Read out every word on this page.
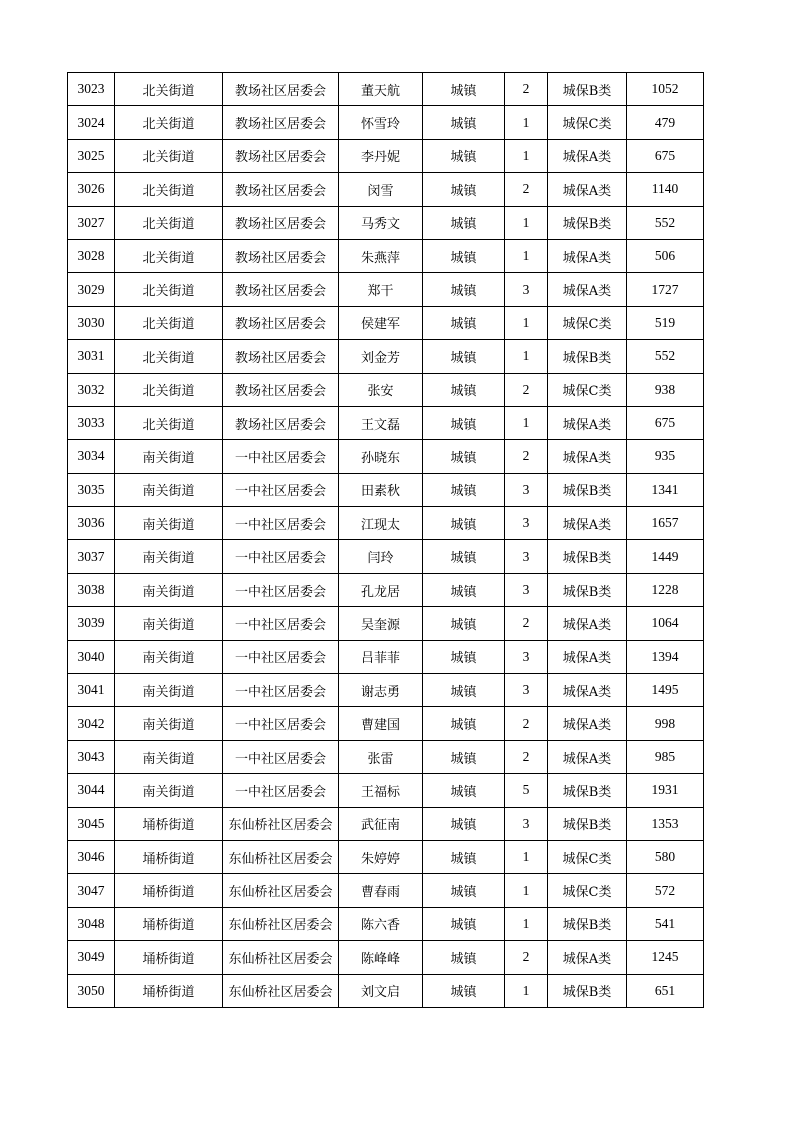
3023	北关街道	教场社区居委会	董天航	城镇	2	城保B类	1052
3024	北关街道	教场社区居委会	怀雪玲	城镇	1	城保C类	479
3025	北关街道	教场社区居委会	李丹妮	城镇	1	城保A类	675
3026	北关街道	教场社区居委会	闵雪	城镇	2	城保A类	1140
3027	北关街道	教场社区居委会	马秀文	城镇	1	城保B类	552
3028	北关街道	教场社区居委会	朱燕萍	城镇	1	城保A类	506
3029	北关街道	教场社区居委会	郑干	城镇	3	城保A类	1727
3030	北关街道	教场社区居委会	侯建军	城镇	1	城保C类	519
3031	北关街道	教场社区居委会	刘金芳	城镇	1	城保B类	552
3032	北关街道	教场社区居委会	张安	城镇	2	城保C类	938
3033	北关街道	教场社区居委会	王文磊	城镇	1	城保A类	675
3034	南关街道	一中社区居委会	孙晓东	城镇	2	城保A类	935
3035	南关街道	一中社区居委会	田素秋	城镇	3	城保B类	1341
3036	南关街道	一中社区居委会	江现太	城镇	3	城保A类	1657
3037	南关街道	一中社区居委会	闫玲	城镇	3	城保B类	1449
3038	南关街道	一中社区居委会	孔龙居	城镇	3	城保B类	1228
3039	南关街道	一中社区居委会	吴奎源	城镇	2	城保A类	1064
3040	南关街道	一中社区居委会	吕菲菲	城镇	3	城保A类	1394
3041	南关街道	一中社区居委会	谢志勇	城镇	3	城保A类	1495
3042	南关街道	一中社区居委会	曹建国	城镇	2	城保A类	998
3043	南关街道	一中社区居委会	张雷	城镇	2	城保A类	985
3044	南关街道	一中社区居委会	王福标	城镇	5	城保B类	1931
3045	埇桥街道	东仙桥社区居委会	武征南	城镇	3	城保B类	1353
3046	埇桥街道	东仙桥社区居委会	朱婷婷	城镇	1	城保C类	580
3047	埇桥街道	东仙桥社区居委会	曹春雨	城镇	1	城保C类	572
3048	埇桥街道	东仙桥社区居委会	陈六香	城镇	1	城保B类	541
3049	埇桥街道	东仙桥社区居委会	陈峰峰	城镇	2	城保A类	1245
3050	埇桥街道	东仙桥社区居委会	刘文启	城镇	1	城保B类	651
